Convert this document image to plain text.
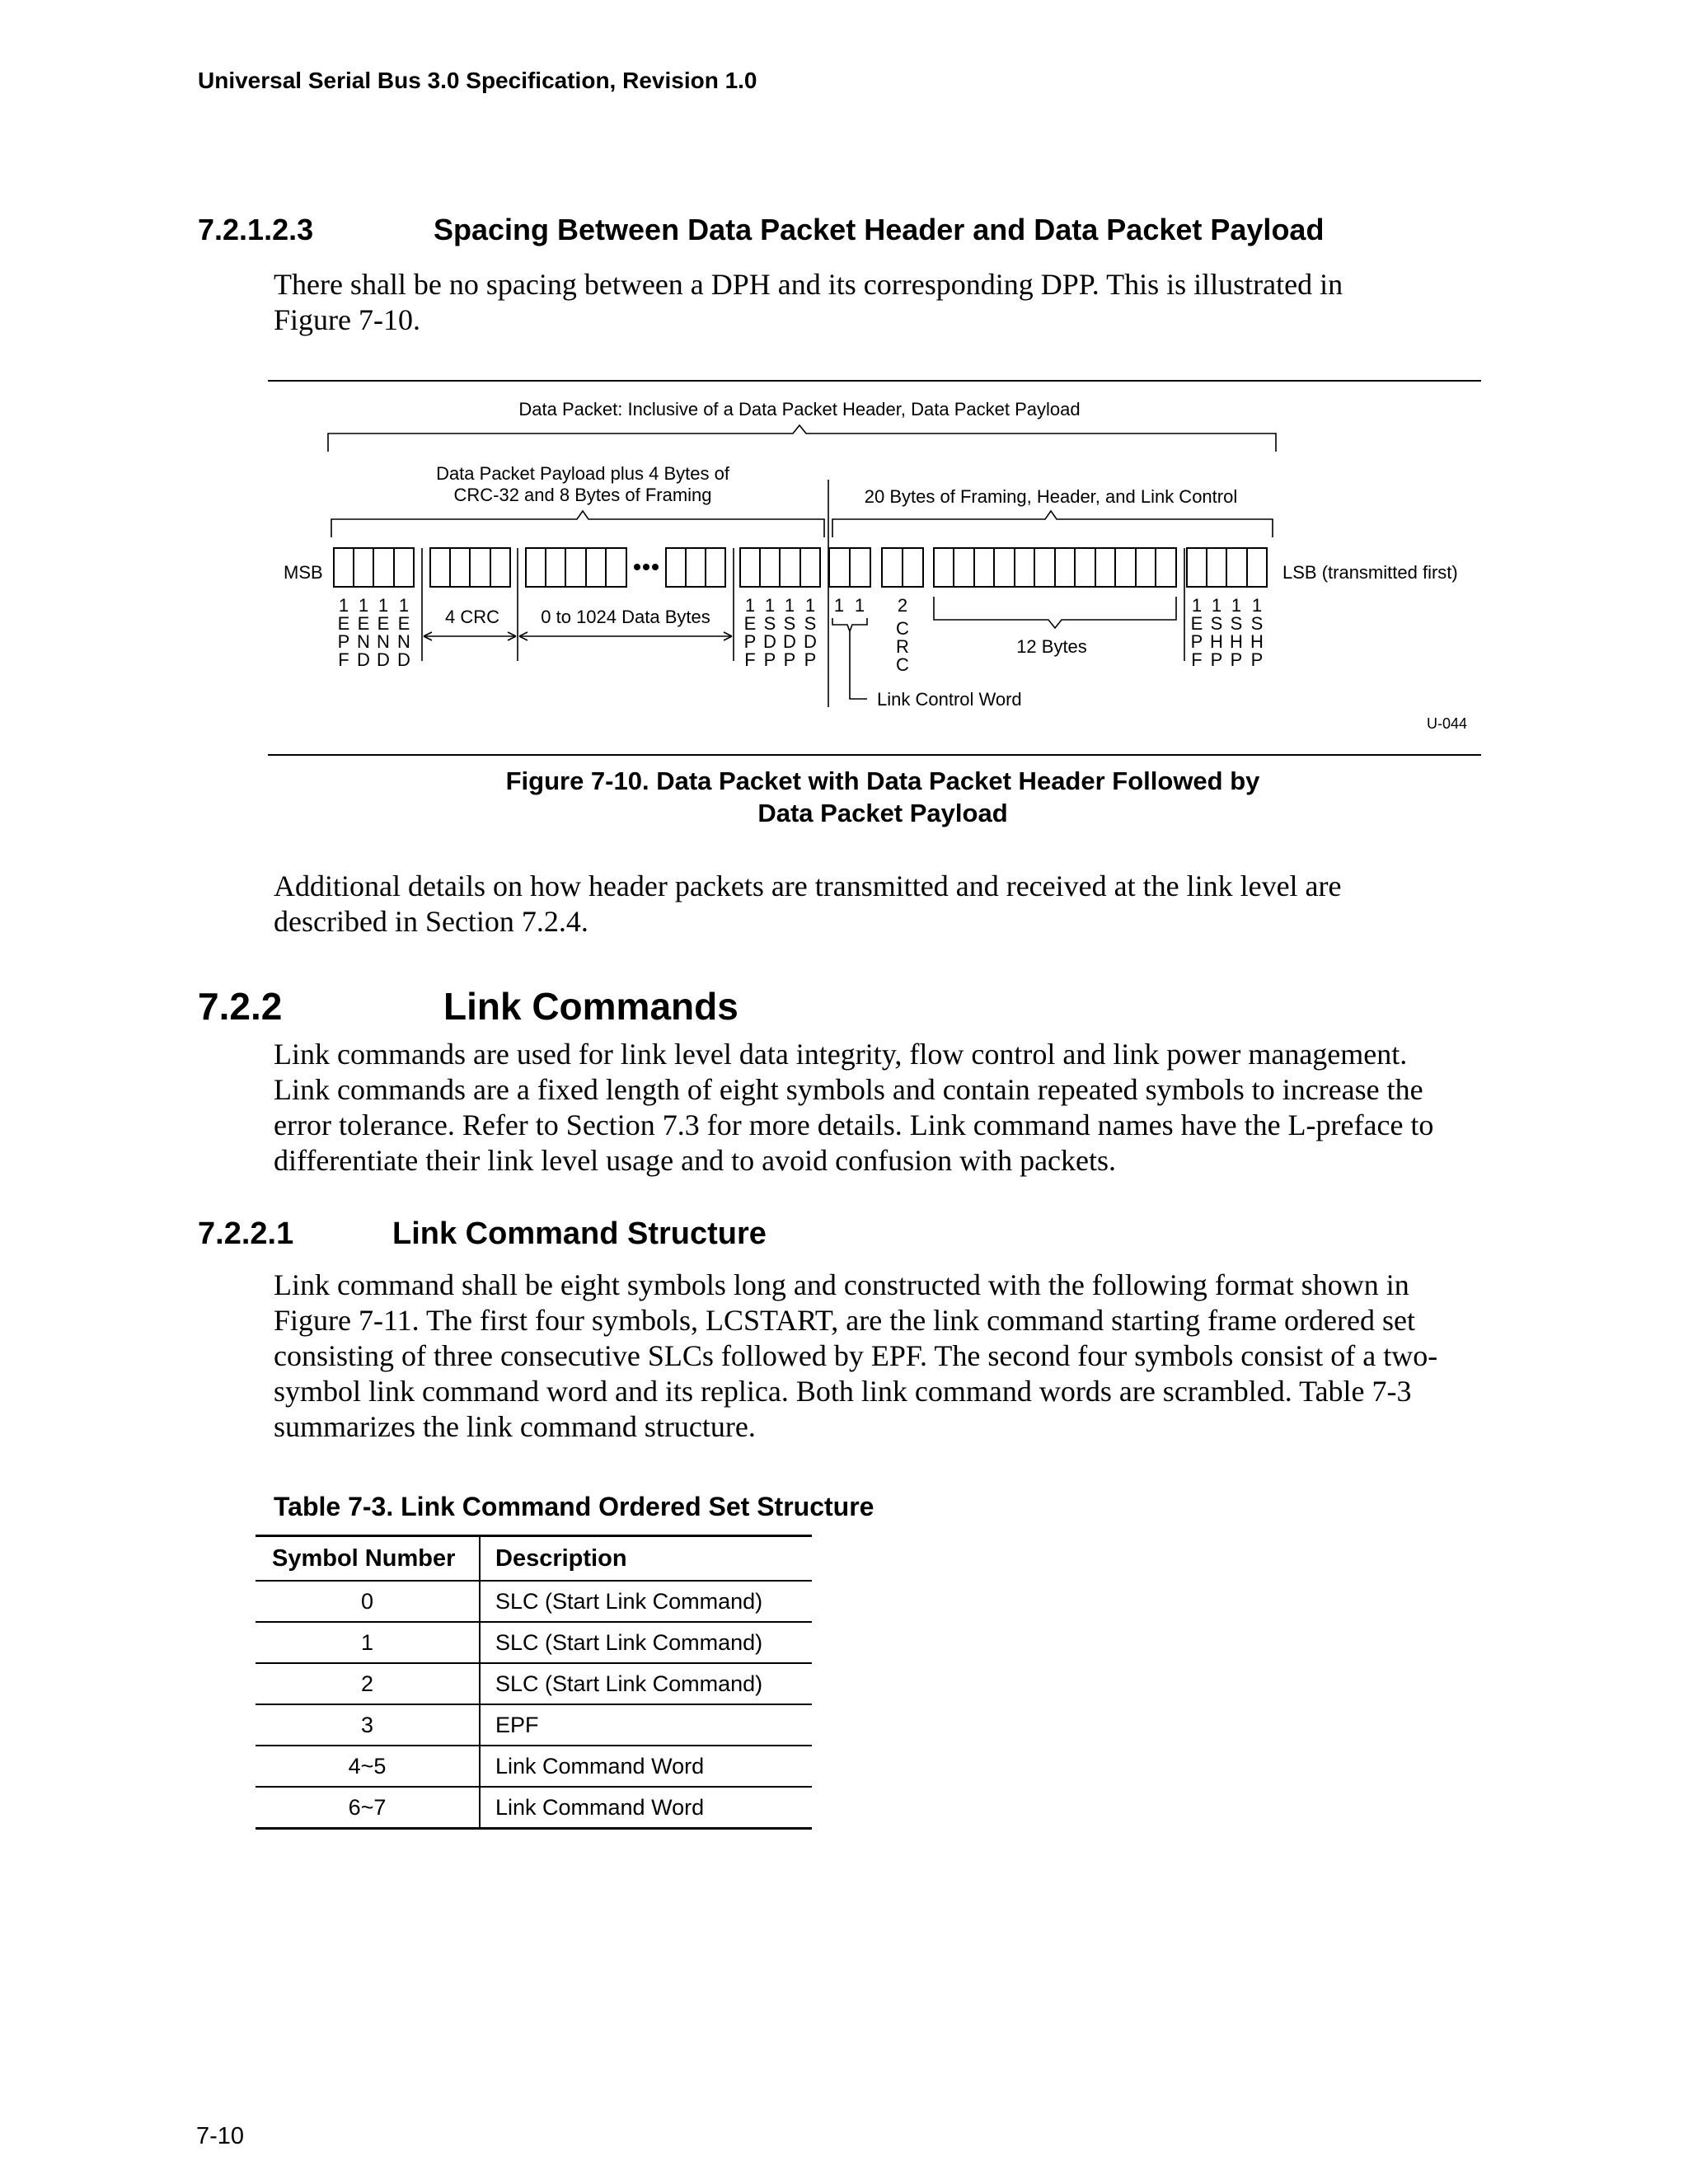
Universal Serial Bus 3.0 Specification, Revision 1.0
7.2.1.2.3	Spacing Between Data Packet Header and Data Packet Payload
There shall be no spacing between a DPH and its corresponding DPP. This is illustrated in
Figure 7-10.
Data Packet: Inclusive of a Data Packet Header, Data Packet Payload
Data Packet Payload plus 4 Bytes of
CRC-32 and 8 Bytes of Framing	20 Bytes of Framing, Header, and Link Control
MSB	LSB (transmitted first)
4 CRC 0 to 1024 Data Bytes
12 Bytes
Link Control Word
U-044
1
E
P
F
1
E
N
D
1
E
N
D
1
E
N
D
1
E
P
F
1
S
D
P
1
S
D
P
1
S
D
P
1 1 2
C
R
C
1
E
P
F
1
S
H
P
1
S
H
P
1
S
H
P
Figure 7-10. Data Packet with Data Packet Header Followed by
Data Packet Payload
Additional details on how header packets are transmitted and received at the link level are
described in Section 7.2.4.
7.2.2	Link Commands
Link commands are used for link level data integrity, flow control and link power management.
Link commands are a fixed length of eight symbols and contain repeated symbols to increase the
error tolerance. Refer to Section 7.3 for more details. Link command names have the L-preface to
differentiate their link level usage and to avoid confusion with packets.
7.2.2.1	Link Command Structure
Link command shall be eight symbols long and constructed with the following format shown in
Figure 7-11. The first four symbols, LCSTART, are the link command starting frame ordered set
consisting of three consecutive SLCs followed by EPF. The second four symbols consist of a two-
symbol link command word and its replica. Both link command words are scrambled. Table 7-3
summarizes the link command structure.
Table 7-3. Link Command Ordered Set Structure
Symbol Number	Description
0	SLC (Start Link Command)
1	SLC (Start Link Command)
2	SLC (Start Link Command)
3	EPF
4~5	Link Command Word
6~7	Link Command Word
7-10
